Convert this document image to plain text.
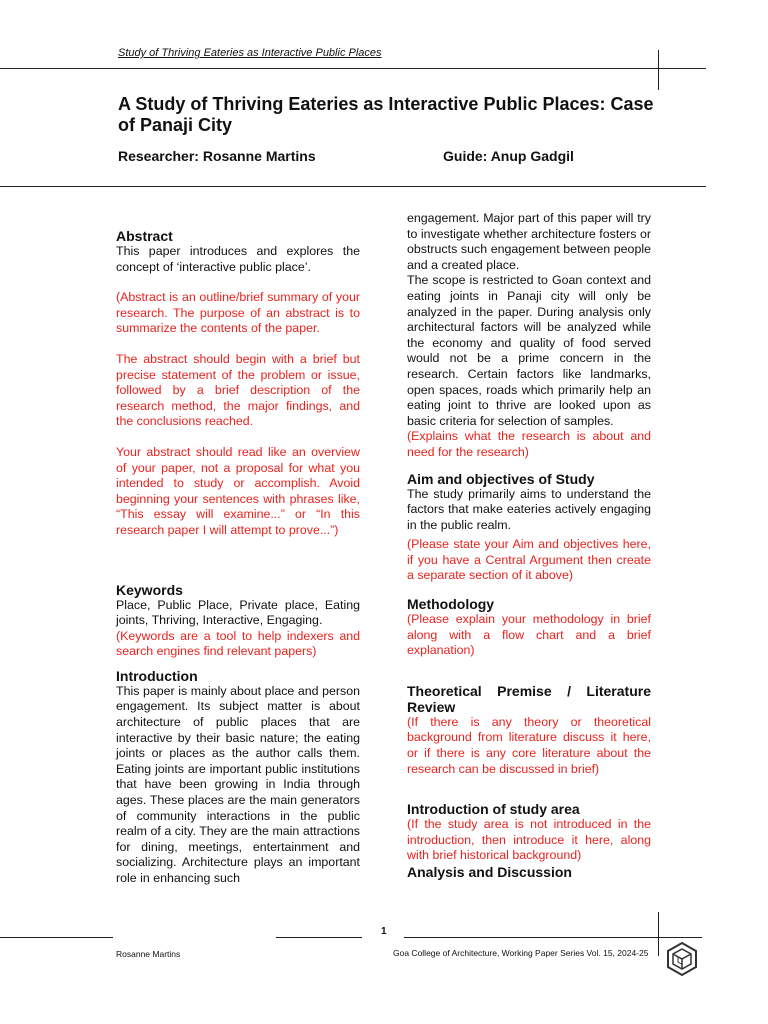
Study of Thriving Eateries as Interactive Public Places
A Study of Thriving Eateries as Interactive Public Places: Case of Panaji City
Researcher: Rosanne Martins	Guide: Anup Gadgil
Abstract

This paper introduces and explores the concept of ‘interactive public place’.

(Abstract is an outline/brief summary of your research. The purpose of an abstract is to summarize the contents of the paper.

The abstract should begin with a brief but precise statement of the problem or issue, followed by a brief description of the research method, the major findings, and the conclusions reached.

Your abstract should read like an overview of your paper, not a proposal for what you intended to study or accomplish. Avoid beginning your sentences with phrases like, “This essay will examine...” or “In this research paper I will attempt to prove...”)

Keywords

Place, Public Place, Private place, Eating joints, Thriving, Interactive, Engaging.

(Keywords are a tool to help indexers and search engines find relevant papers)

Introduction

This paper is mainly about place and person engagement. Its subject matter is about architecture of public places that are interactive by their basic nature; the eating joints or places as the author calls them. Eating joints are important public institutions that have been growing in India through ages. These places are the main generators of community interactions in the public realm of a city. They are the main attractions for dining, meetings, entertainment and socializing. Architecture plays an important role in enhancing such

engagement. Major part of this paper will try to investigate whether architecture fosters or obstructs such engagement between people and a created place.

The scope is restricted to Goan context and eating joints in Panaji city will only be analyzed in the paper. During analysis only architectural factors will be analyzed while the economy and quality of food served would not be a prime concern in the research. Certain factors like landmarks, open spaces, roads which primarily help an eating joint to thrive are looked upon as basic criteria for selection of samples.

(Explains what the research is about and need for the research)

Aim and objectives of Study

The study primarily aims to understand the factors that make eateries actively engaging in the public realm.

(Please state your Aim and objectives here, if you have a Central Argument then create a separate section of it above)

Methodology

(Please explain your methodology in brief along with a flow chart and a brief explanation)

Theoretical Premise / Literature Review

(If there is any theory or theoretical background from literature discuss it here, or if there is any core literature about the research can be discussed in brief)

Introduction of study area

(If the study area is not introduced in the introduction, then introduce it here, along with brief historical background)

Analysis and Discussion
1
Rosanne Martins	Goa College of Architecture, Working Paper Series Vol. 15, 2024-25
